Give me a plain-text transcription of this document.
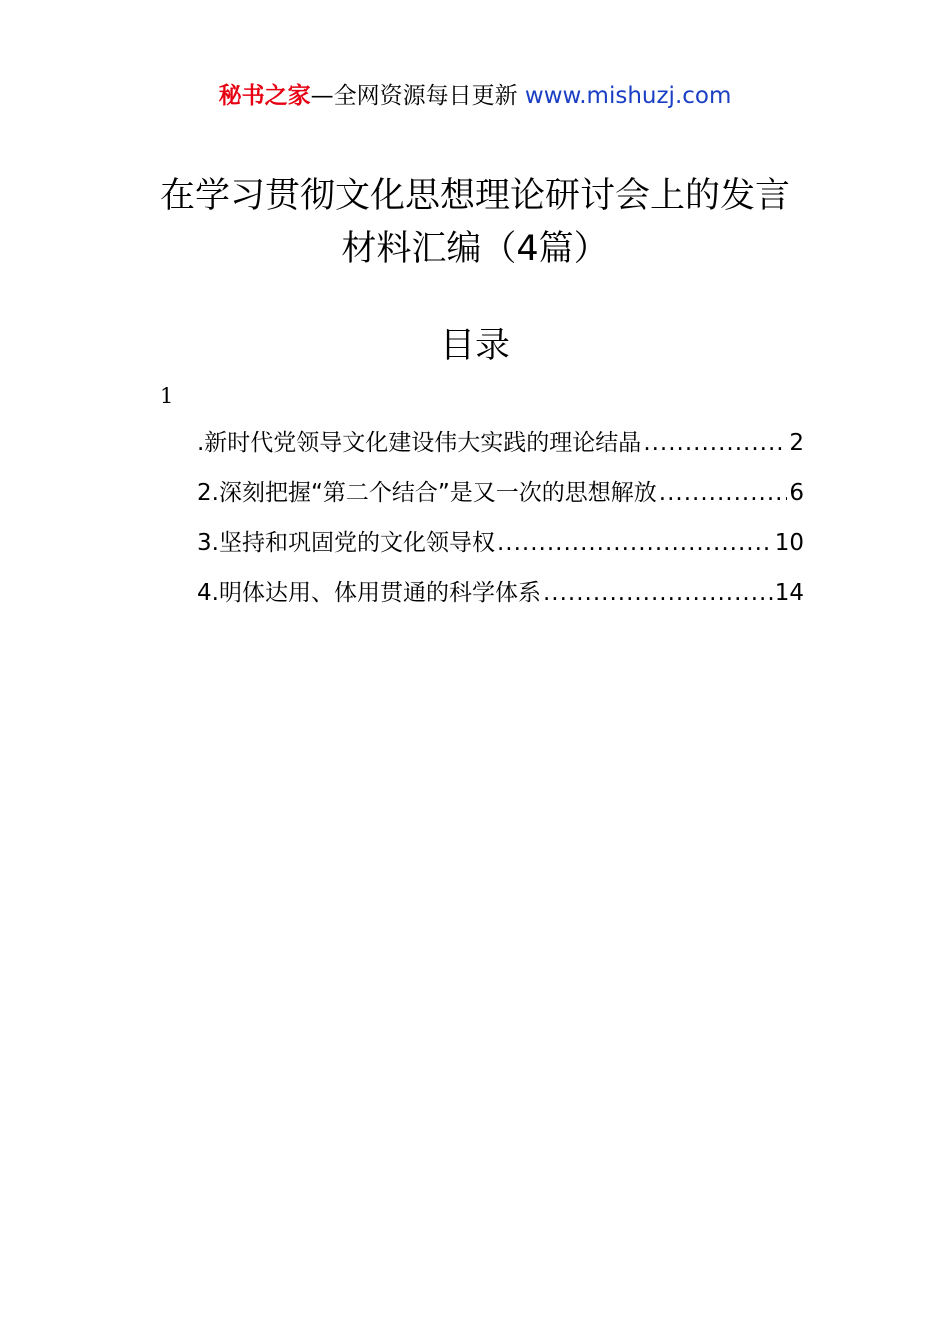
秘书之家—全网资源每日更新 www.mishuzj.com
在学习贯彻文化思想理论研讨会上的发言
材料汇编（4篇）
目录
1
.新时代党领导文化建设伟大实践的理论结晶 .....	2
2.深刻把握“第二个结合”是又一次的思想解放 .....	6
3.坚持和巩固党的文化领导权 .....	10
4.明体达用、体用贯通的科学体系 .....	14
